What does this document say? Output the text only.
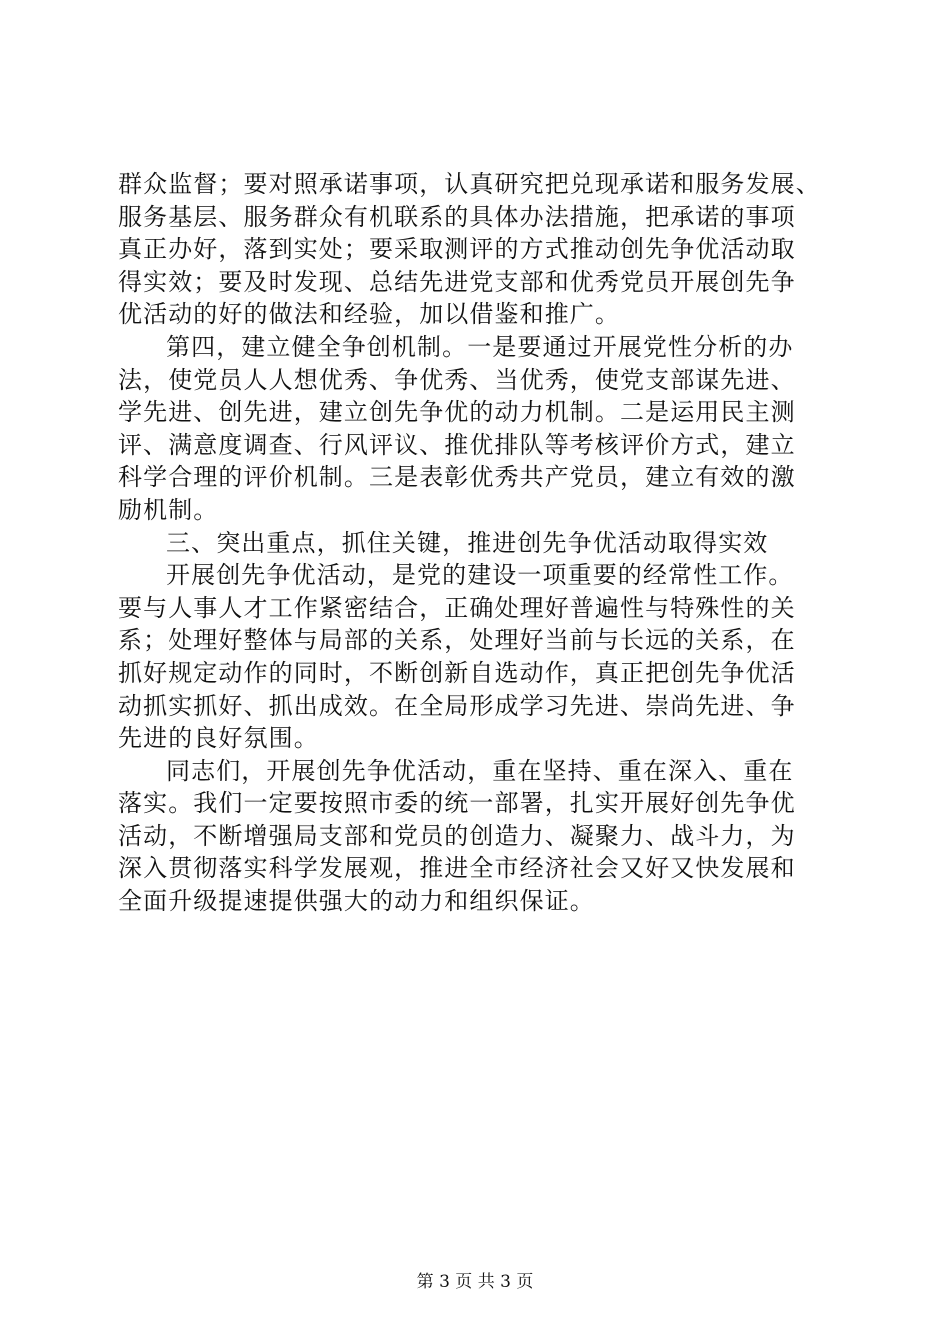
群众监督；要对照承诺事项，认真研究把兑现承诺和服务发展、
服务基层、服务群众有机联系的具体办法措施，把承诺的事项
真正办好，落到实处；要采取测评的方式推动创先争优活动取
得实效；要及时发现、总结先进党支部和优秀党员开展创先争
优活动的好的做法和经验，加以借鉴和推广。
第四，建立健全争创机制。一是要通过开展党性分析的办
法，使党员人人想优秀、争优秀、当优秀，使党支部谋先进、
学先进、创先进，建立创先争优的动力机制。二是运用民主测
评、满意度调查、行风评议、推优排队等考核评价方式，建立
科学合理的评价机制。三是表彰优秀共产党员，建立有效的激
励机制。
三、突出重点，抓住关键，推进创先争优活动取得实效
开展创先争优活动，是党的建设一项重要的经常性工作。
要与人事人才工作紧密结合，正确处理好普遍性与特殊性的关
系；处理好整体与局部的关系，处理好当前与长远的关系，在
抓好规定动作的同时，不断创新自选动作，真正把创先争优活
动抓实抓好、抓出成效。在全局形成学习先进、崇尚先进、争
先进的良好氛围。
同志们，开展创先争优活动，重在坚持、重在深入、重在
落实。我们一定要按照市委的统一部署，扎实开展好创先争优
活动，不断增强局支部和党员的创造力、凝聚力、战斗力，为
深入贯彻落实科学发展观，推进全市经济社会又好又快发展和
全面升级提速提供强大的动力和组织保证。
第 3 页 共 3 页
